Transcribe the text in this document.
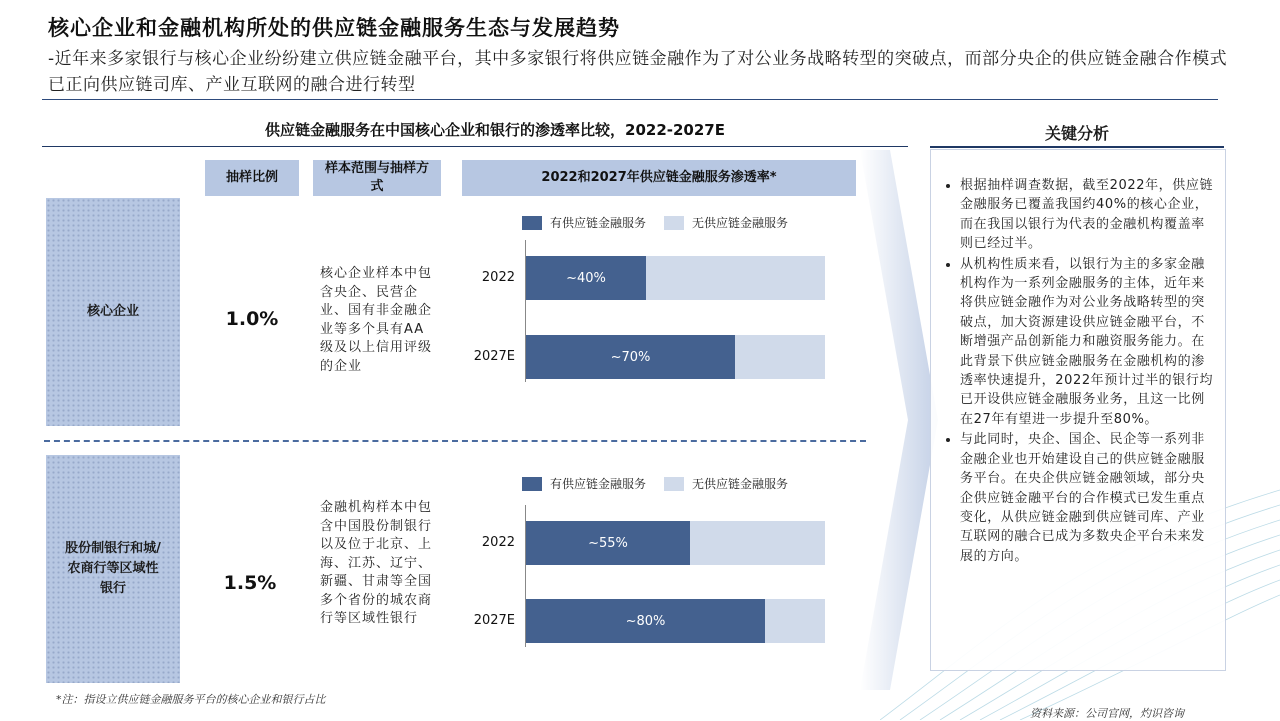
核心企业和金融机构所处的供应链金融服务生态与发展趋势
-近年来多家银行与核心企业纷纷建立供应链金融平台，其中多家银行将供应链金融作为了对公业务战略转型的突破点，而部分央企的供应链金融合作模式已正向供应链司库、产业互联网的融合进行转型
供应链金融服务在中国核心企业和银行的渗透率比较，2022-2027E
抽样比例
样本范围与抽样方式
2022和2027年供应链金融服务渗透率*
核心企业	1.0%
核心企业样本中包含央企、民营企业、国有非金融企业等多个具有AA级及以上信用评级的企业
有供应链金融服务	无供应链金融服务
2022	~40%
2027E	~70%
股份制银行和城/农商行等区域性银行	1.5%
金融机构样本中包含中国股份制银行以及位于北京、上海、江苏、辽宁、新疆、甘肃等全国多个省份的城农商行等区域性银行
有供应链金融服务	无供应链金融服务
2022	~55%
2027E	~80%
关键分析
• 根据抽样调查数据，截至2022年，供应链金融服务已覆盖我国约40%的核心企业，而在我国以银行为代表的金融机构覆盖率则已经过半。
• 从机构性质来看，以银行为主的多家金融机构作为一系列金融服务的主体，近年来将供应链金融作为对公业务战略转型的突破点，加大资源建设供应链金融平台，不断增强产品创新能力和融资服务能力。在此背景下供应链金融服务在金融机构的渗透率快速提升，2022年预计过半的银行均已开设供应链金融服务业务，且这一比例在27年有望进一步提升至80%。
• 与此同时，央企、国企、民企等一系列非金融企业也开始建设自己的供应链金融服务平台。在央企供应链金融领域，部分央企供应链金融平台的合作模式已发生重点变化，从供应链金融到供应链司库、产业互联网的融合已成为多数央企平台未来发展的方向。
*注：指设立供应链金融服务平台的核心企业和银行占比
资料来源：公司官网，灼识咨询
